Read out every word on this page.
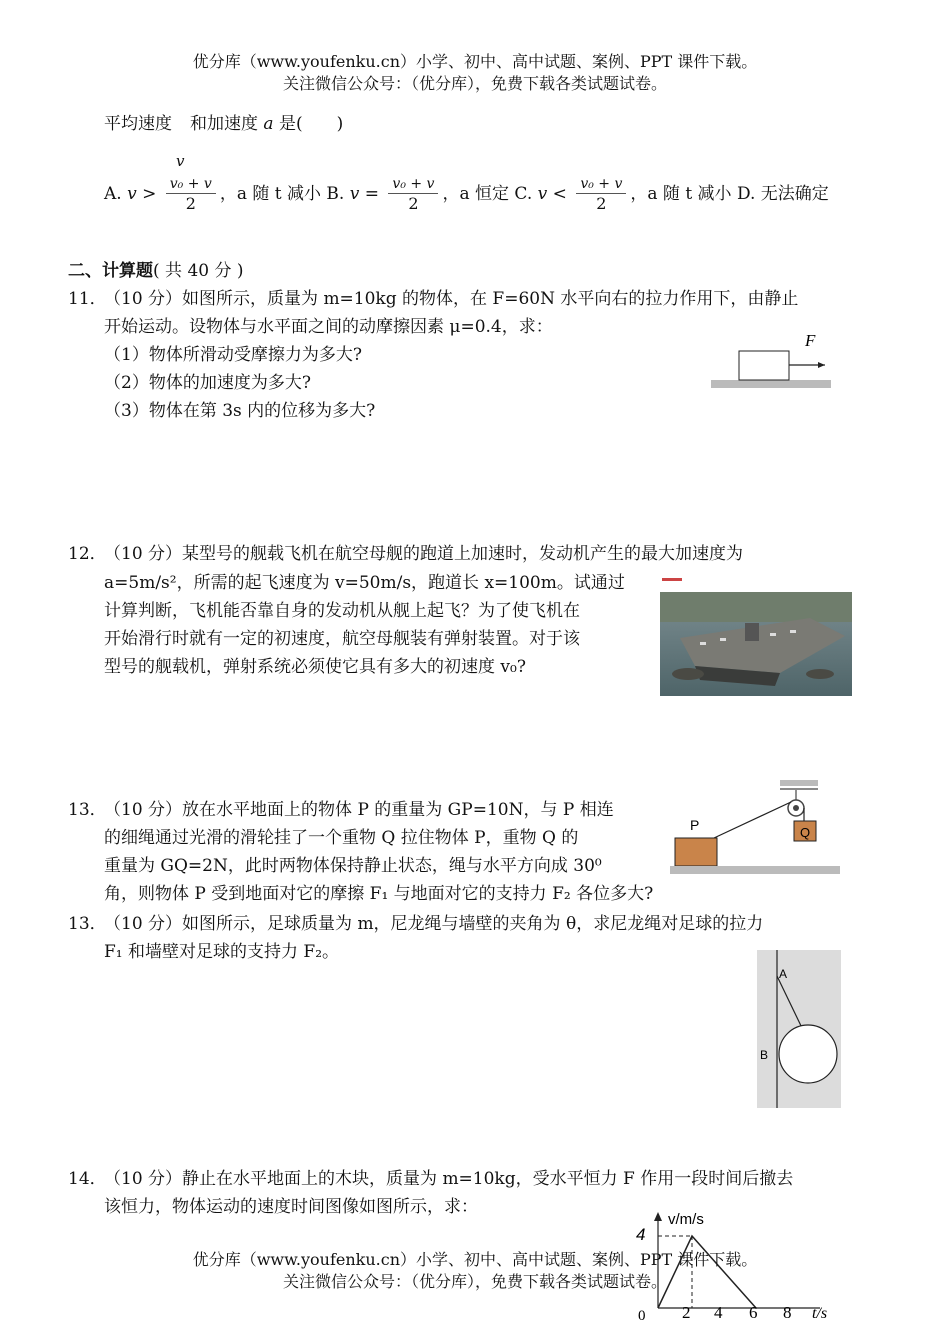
优分库（www.youfenku.cn）小学、初中、高中试题、案例、PPT 课件下载。
关注微信公众号：（优分库），免费下载各类试题试卷。
平均速度
v
和加速度 a 是(　　)
A. $v > \frac{\text{v₀ + v}}{2}$ ，a 随 t 减小 B. $v = \frac{\text{v₀ + v}}{2}$ ，a 恒定 C. $v < \frac{\text{v₀ + v}}{2}$ ，a 随 t 减小 D. 无法确定
二、计算题( 共 40 分 )
11．
（10 分）如图所示，质量为 m=10kg 的物体，在 F=60N 水平向右的拉力作用下，由静止
开始运动。设物体与水平面之间的动摩擦因素 μ=0.4，求：
（1）物体所滑动受摩擦力为多大?
（2）物体的加速度为多大?
（3）物体在第 3s 内的位移为多大?
F
12．
（10 分）某型号的舰载飞机在航空母舰的跑道上加速时，发动机产生的最大加速度为
a=5m/s²，所需的起飞速度为 v=50m/s，跑道长 x=100m。试通过
计算判断，飞机能否靠自身的发动机从舰上起飞？为了使飞机在
开始滑行时就有一定的初速度，航空母舰装有弹射装置。对于该
型号的舰载机，弹射系统必须使它具有多大的初速度 v₀?
13．
（10 分）放在水平地面上的物体 P 的重量为 GP=10N，与 P 相连
的细绳通过光滑的滑轮挂了一个重物 Q 拉住物体 P，重物 Q 的
重量为 GQ=2N，此时两物体保持静止状态，绳与水平方向成 30⁰
角，则物体 P 受到地面对它的摩擦 F₁ 与地面对它的支持力 F₂ 各位多大?
Q
P
13．
（10 分）如图所示，足球质量为 m，尼龙绳与墙壁的夹角为 θ，求尼龙绳对足球的拉力
F₁ 和墙壁对足球的支持力 F₂。
A
B
14．
（10 分）静止在水平地面上的木块，质量为 m=10kg，受水平恒力 F 作用一段时间后撤去
该恒力，物体运动的速度时间图像如图所示，求：
v/m/s
4
0 2 4 6 8 t/s
优分库（www.youfenku.cn）小学、初中、高中试题、案例、PPT 课件下载。
关注微信公众号：（优分库），免费下载各类试题试卷。
